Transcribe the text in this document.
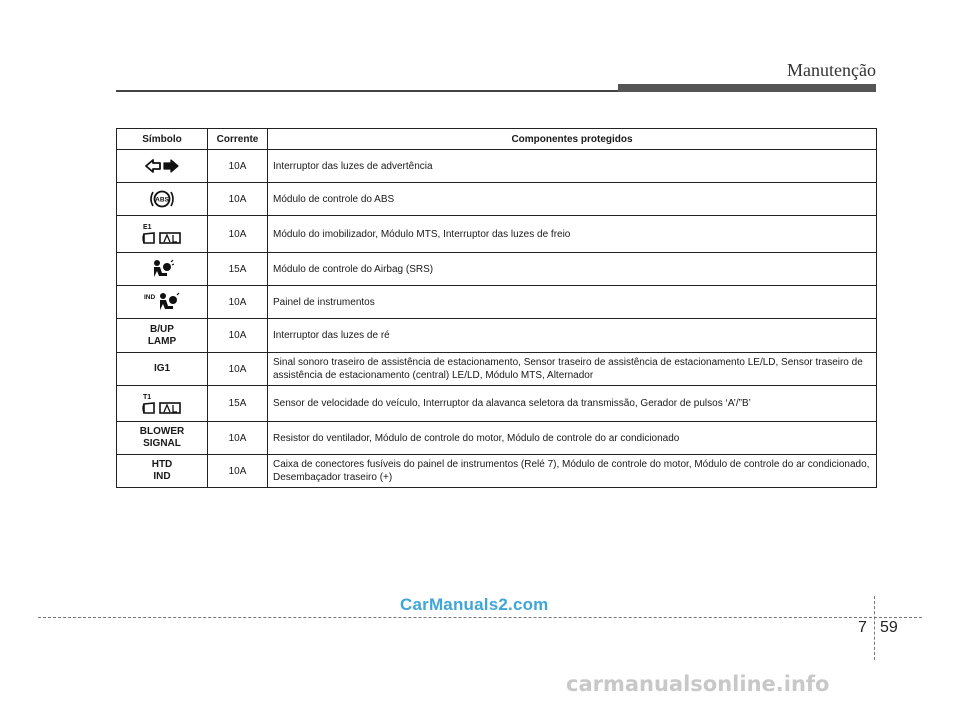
Manutenção
Símbolo	Corrente	Componentes protegidos

	10A	Interruptor das luzes de advertência

ABS	10A	Módulo de controle do ABS

E1	10A	Módulo do imobilizador, Módulo MTS, Interruptor das luzes de freio

	15A	Módulo de controle do Airbag (SRS)

IND	10A	Painel de instrumentos
B/UP
LAMP	10A	Interruptor das luzes de ré
IG1	10A	Sinal sonoro traseiro de assistência de estacionamento, Sensor traseiro de assistência de estacionamento LE/LD, Sensor traseiro de assistência de estacionamento (central) LE/LD, Módulo MTS, Alternador

T1	15A	Sensor de velocidade do veículo, Interruptor da alavanca seletora da transmissão, Gerador de pulsos ‘A’/”B’
BLOWER
SIGNAL	10A	Resistor do ventilador, Módulo de controle do motor, Módulo de controle do ar condicionado
HTD
IND	10A	Caixa de conectores fusíveis do painel de instrumentos (Relé 7), Módulo de controle do motor, Módulo de controle do ar condicionado, Desembaçador traseiro (+)
CarManuals2.com
7 59
carmanualsonline.info
